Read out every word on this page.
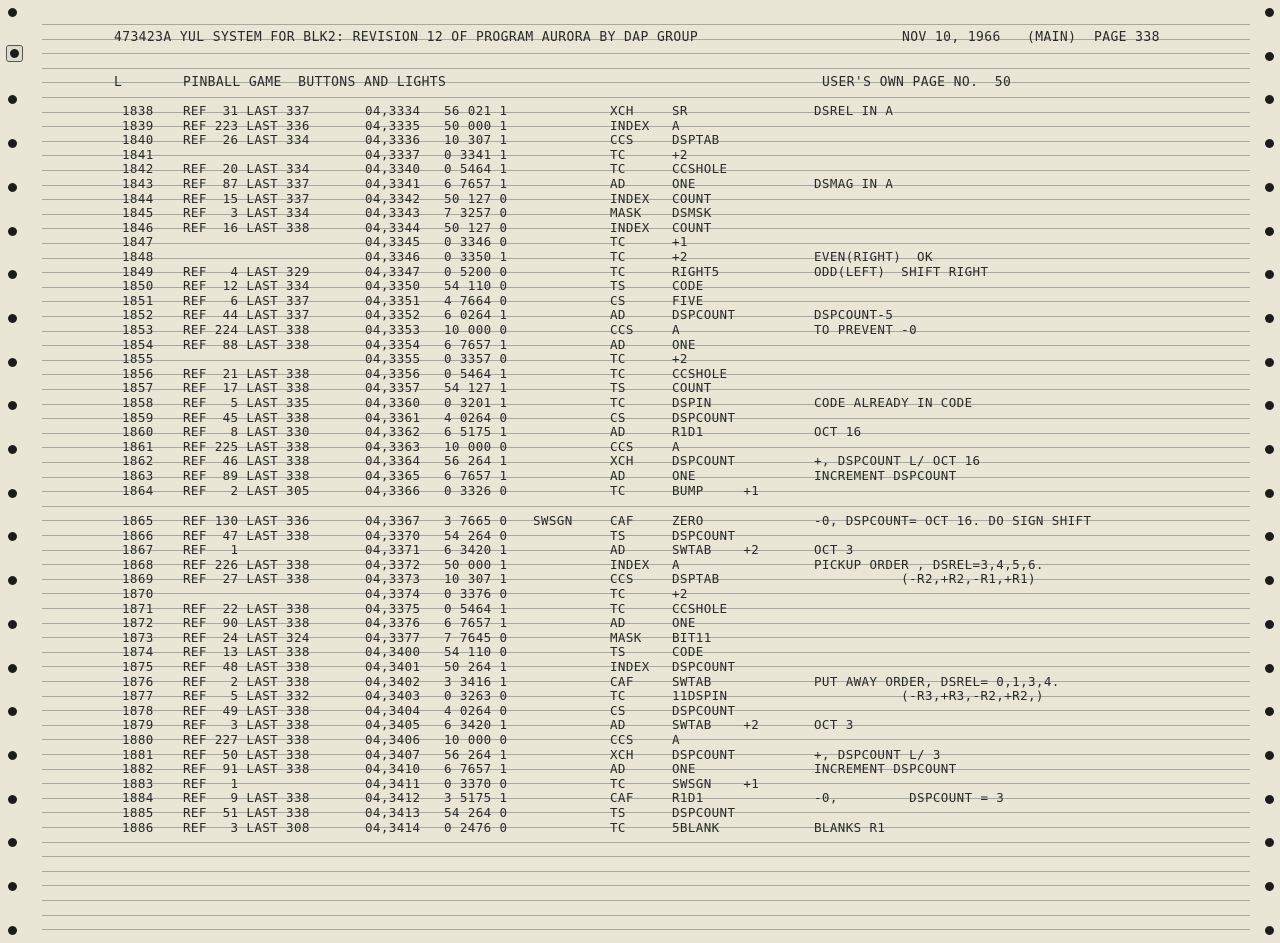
473423A YUL SYSTEM FOR BLK2: REVISION 12 OF PROGRAM AURORA BY DAP GROUP	NOV 10, 1966 (MAIN) PAGE 338
L	PINBALL GAME  BUTTONS AND LIGHTS	USER'S OWN PAGE NO.  50
1838 REF  31 LAST 337	04,3334 56 021 1	XCH	SR	DSREL IN A
1839 REF 223 LAST 336	04,3335 50 000 1	INDEX A
1840 REF  26 LAST 334	04,3336 10 307 1	CCS	DSPTAB
1841	04,3337 0 3341 1	TC	+2
1842 REF  20 LAST 334	04,3340 0 5464 1	TC	CCSHOLE
1843 REF  87 LAST 337	04,3341 6 7657 1	AD	ONE	DSMAG IN A
1844 REF  15 LAST 337	04,3342 50 127 0	INDEX COUNT
1845 REF   3 LAST 334	04,3343 7 3257 0	MASK DSMSK
1846 REF  16 LAST 338	04,3344 50 127 0	INDEX COUNT
1847	04,3345 0 3346 0	TC	+1
1848	04,3346 0 3350 1	TC	+2	EVEN(RIGHT)  OK
1849 REF   4 LAST 329	04,3347 0 5200 0	TC	RIGHT5	ODD(LEFT)  SHIFT RIGHT
1850 REF  12 LAST 334	04,3350 54 110 0	TS	CODE
1851 REF   6 LAST 337	04,3351 4 7664 0	CS	FIVE
1852 REF  44 LAST 337	04,3352 6 0264 1	AD	DSPCOUNT	DSPCOUNT-5
1853 REF 224 LAST 338	04,3353 10 000 0	CCS	A	TO PREVENT -0
1854 REF  88 LAST 338	04,3354 6 7657 1	AD	ONE
1855	04,3355 0 3357 0	TC	+2
1856 REF  21 LAST 338	04,3356 0 5464 1	TC	CCSHOLE
1857 REF  17 LAST 338	04,3357 54 127 1	TS	COUNT
1858 REF   5 LAST 335	04,3360 0 3201 1	TC	DSPIN	CODE ALREADY IN CODE
1859 REF  45 LAST 338	04,3361 4 0264 0	CS	DSPCOUNT
1860 REF   8 LAST 330	04,3362 6 5175 1	AD	R1D1	OCT 16
1861 REF 225 LAST 338	04,3363 10 000 0	CCS	A
1862 REF  46 LAST 338	04,3364 56 264 1	XCH	DSPCOUNT	+, DSPCOUNT L/ OCT 16
1863 REF  89 LAST 338	04,3365 6 7657 1	AD	ONE	INCREMENT DSPCOUNT
1864 REF   2 LAST 305	04,3366 0 3326 0	TC	BUMP     +1
1865 REF 130 LAST 336	04,3367 3 7665 0 SWSGN	CAF	ZERO	-0, DSPCOUNT= OCT 16. DO SIGN SHIFT
1866 REF  47 LAST 338	04,3370 54 264 0	TS	DSPCOUNT
1867 REF   1	04,3371 6 3420 1	AD	SWTAB    +2	OCT 3
1868 REF 226 LAST 338	04,3372 50 000 1	INDEX A	PICKUP ORDER , DSREL=3,4,5,6.
1869 REF  27 LAST 338	04,3373 10 307 1	CCS	DSPTAB	(-R2,+R2,-R1,+R1)
1870	04,3374 0 3376 0	TC	+2
1871 REF  22 LAST 338	04,3375 0 5464 1	TC	CCSHOLE
1872 REF  90 LAST 338	04,3376 6 7657 1	AD	ONE
1873 REF  24 LAST 324	04,3377 7 7645 0	MASK BIT11
1874 REF  13 LAST 338	04,3400 54 110 0	TS	CODE
1875 REF  48 LAST 338	04,3401 50 264 1	INDEX DSPCOUNT
1876 REF   2 LAST 338	04,3402 3 3416 1	CAF	SWTAB	PUT AWAY ORDER, DSREL= 0,1,3,4.
1877 REF   5 LAST 332	04,3403 0 3263 0	TC	11DSPIN	(-R3,+R3,-R2,+R2,)
1878 REF  49 LAST 338	04,3404 4 0264 0	CS	DSPCOUNT
1879 REF   3 LAST 338	04,3405 6 3420 1	AD	SWTAB    +2	OCT 3
1880 REF 227 LAST 338	04,3406 10 000 0	CCS	A
1881 REF  50 LAST 338	04,3407 56 264 1	XCH	DSPCOUNT	+, DSPCOUNT L/ 3
1882 REF  91 LAST 338	04,3410 6 7657 1	AD	ONE	INCREMENT DSPCOUNT
1883 REF   1	04,3411 0 3370 0	TC	SWSGN    +1
1884 REF   9 LAST 338	04,3412 3 5175 1	CAF	R1D1	-0,         DSPCOUNT = 3
1885 REF  51 LAST 338	04,3413 54 264 0	TS	DSPCOUNT
1886 REF   3 LAST 308	04,3414 0 2476 0	TC	5BLANK	BLANKS R1
